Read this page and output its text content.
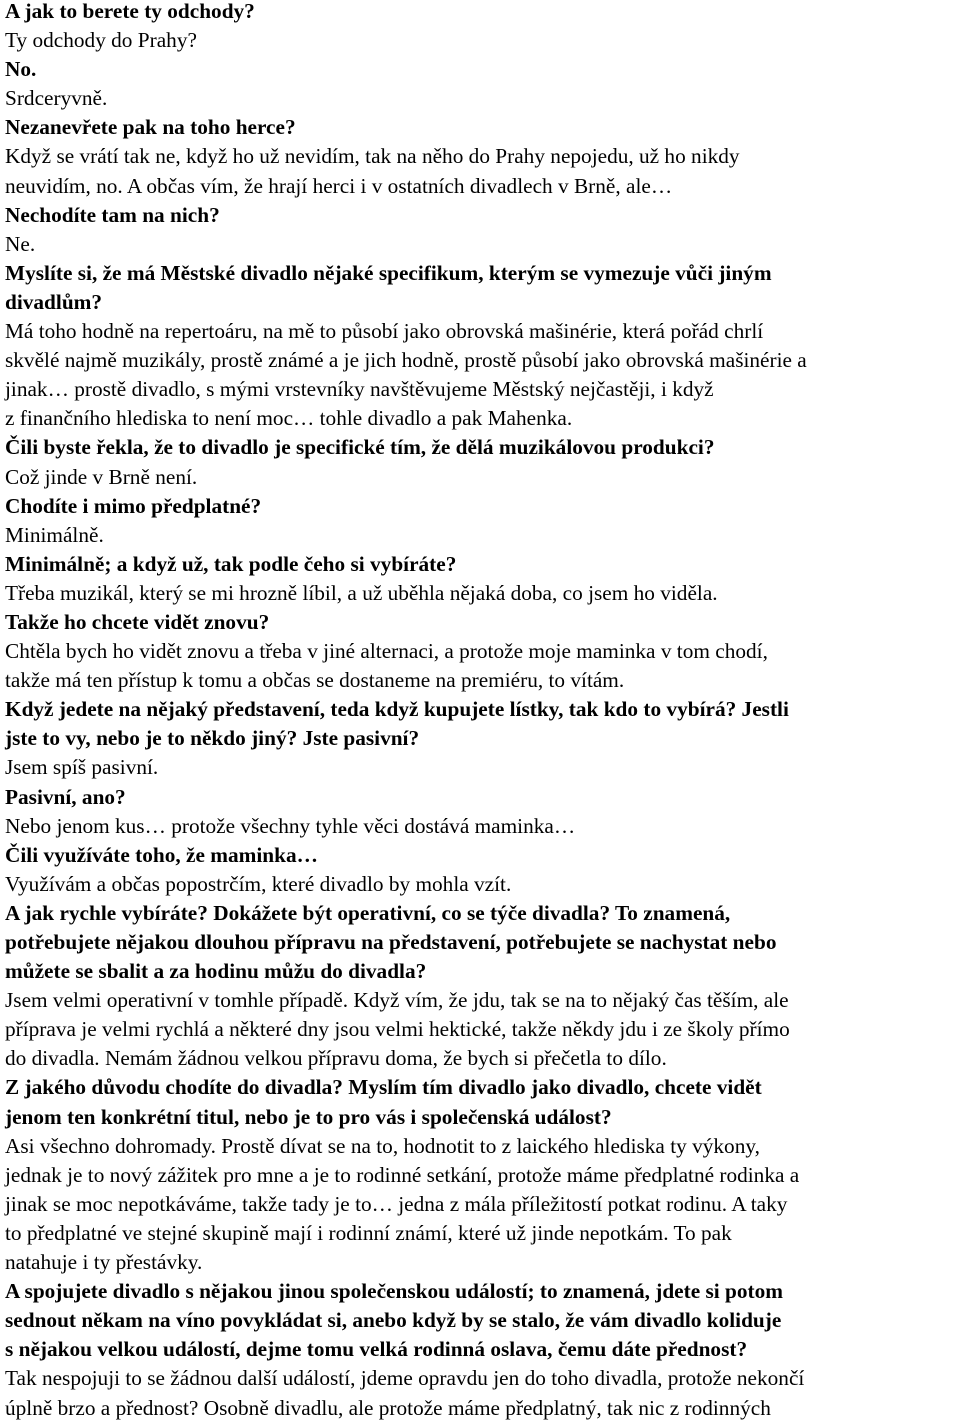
A jak to berete ty odchody?
Ty odchody do Prahy?
No.
Srdceryvně.
Nezanevřete pak na toho herce?
Když se vrátí tak ne, když ho už nevidím, tak na něho do Prahy nepojedu, už ho nikdy
neuvidím, no. A občas vím, že hrají herci i v ostatních divadlech v Brně, ale…
Nechodíte tam na nich?
Ne.
Myslíte si, že má Městské divadlo nějaké specifikum, kterým se vymezuje vůči jiným
divadlům?
Má toho hodně na repertoáru, na mě to působí jako obrovská mašinérie, která pořád chrlí
skvělé najmě muzikály, prostě známé a je jich hodně, prostě působí jako obrovská mašinérie a
jinak… prostě divadlo, s mými vrstevníky navštěvujeme Městský nejčastěji, i když
z finančního hlediska to není moc… tohle divadlo a pak Mahenka.
Čili byste řekla, že to divadlo je specifické tím, že dělá muzikálovou produkci?
Což jinde v Brně není.
Chodíte i mimo předplatné?
Minimálně.
Minimálně; a když už, tak podle čeho si vybíráte?
Třeba muzikál, který se mi hrozně líbil, a už uběhla nějaká doba, co jsem ho viděla.
Takže ho chcete vidět znovu?
Chtěla bych ho vidět znovu a třeba v jiné alternaci, a protože moje maminka v tom chodí,
takže má ten přístup k tomu a občas se dostaneme na premiéru, to vítám.
Když jedete na nějaký představení, teda když kupujete lístky, tak kdo to vybírá? Jestli
jste to vy, nebo je to někdo jiný? Jste pasivní?
Jsem spíš pasivní.
Pasivní, ano?
Nebo jenom kus… protože všechny tyhle věci dostává maminka…
Čili využíváte toho, že maminka…
Využívám a občas popostrčím, které divadlo by mohla vzít.
A jak rychle vybíráte? Dokážete být operativní, co se týče divadla? To znamená,
potřebujete nějakou dlouhou přípravu na představení, potřebujete se nachystat nebo
můžete se sbalit a za hodinu můžu do divadla?
Jsem velmi operativní v tomhle případě. Když vím, že jdu, tak se na to nějaký čas těším, ale
příprava je velmi rychlá a některé dny jsou velmi hektické, takže někdy jdu i ze školy přímo
do divadla. Nemám žádnou velkou přípravu doma, že bych si přečetla to dílo.
Z jakého důvodu chodíte do divadla? Myslím tím divadlo jako divadlo, chcete vidět
jenom ten konkrétní titul, nebo je to pro vás i společenská událost?
Asi všechno dohromady. Prostě dívat se na to, hodnotit to z laického hlediska ty výkony,
jednak je to nový zážitek pro mne a je to rodinné setkání, protože máme předplatné rodinka a
jinak se moc nepotkáváme, takže tady je to… jedna z mála příležitostí potkat rodinu. A taky
to předplatné ve stejné skupině mají i rodinní známí, které už jinde nepotkám. To pak
natahuje i ty přestávky.
A spojujete divadlo s nějakou jinou společenskou událostí; to znamená, jdete si potom
sednout někam na víno povykládat si, anebo když by se stalo, že vám divadlo koliduje
s nějakou velkou událostí, dejme tomu velká rodinná oslava, čemu dáte přednost?
Tak nespojuji to se žádnou další událostí, jdeme opravdu jen do toho divadla, protože nekončí
úplně brzo a přednost? Osobně divadlu, ale protože máme předplatný, tak nic z rodinných
